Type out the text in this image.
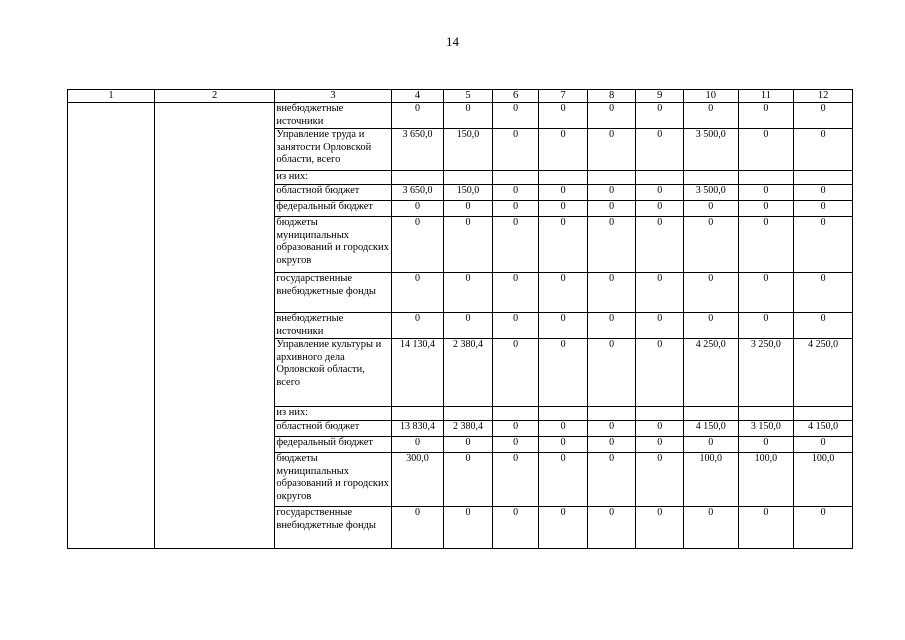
14
1	2	3	4	5	6	7	8	9	10	11	12
		внебюджетные источники	0	0	0	0	0	0	0	0	0
		Управление труда и занятости Орловской области, всего	3 650,0	150,0	0	0	0	0	3 500,0	0	0
		из них:									
		областной бюджет	3 650,0	150,0	0	0	0	0	3 500,0	0	0
		федеральный бюджет	0	0	0	0	0	0	0	0	0
		бюджеты муниципальных образований и городских округов	0	0	0	0	0	0	0	0	0
		государственные внебюджетные фонды	0	0	0	0	0	0	0	0	0
		внебюджетные источники	0	0	0	0	0	0	0	0	0
		Управление культуры и архивного дела Орловской области, всего	14 130,4	2 380,4	0	0	0	0	4 250,0	3 250,0	4 250,0
		из них:									
		областной бюджет	13 830,4	2 380,4	0	0	0	0	4 150,0	3 150,0	4 150,0
		федеральный бюджет	0	0	0	0	0	0	0	0	0
		бюджеты муниципальных образований и городских округов	300,0	0	0	0	0	0	100,0	100,0	100,0
		государственные внебюджетные фонды	0	0	0	0	0	0	0	0	0
